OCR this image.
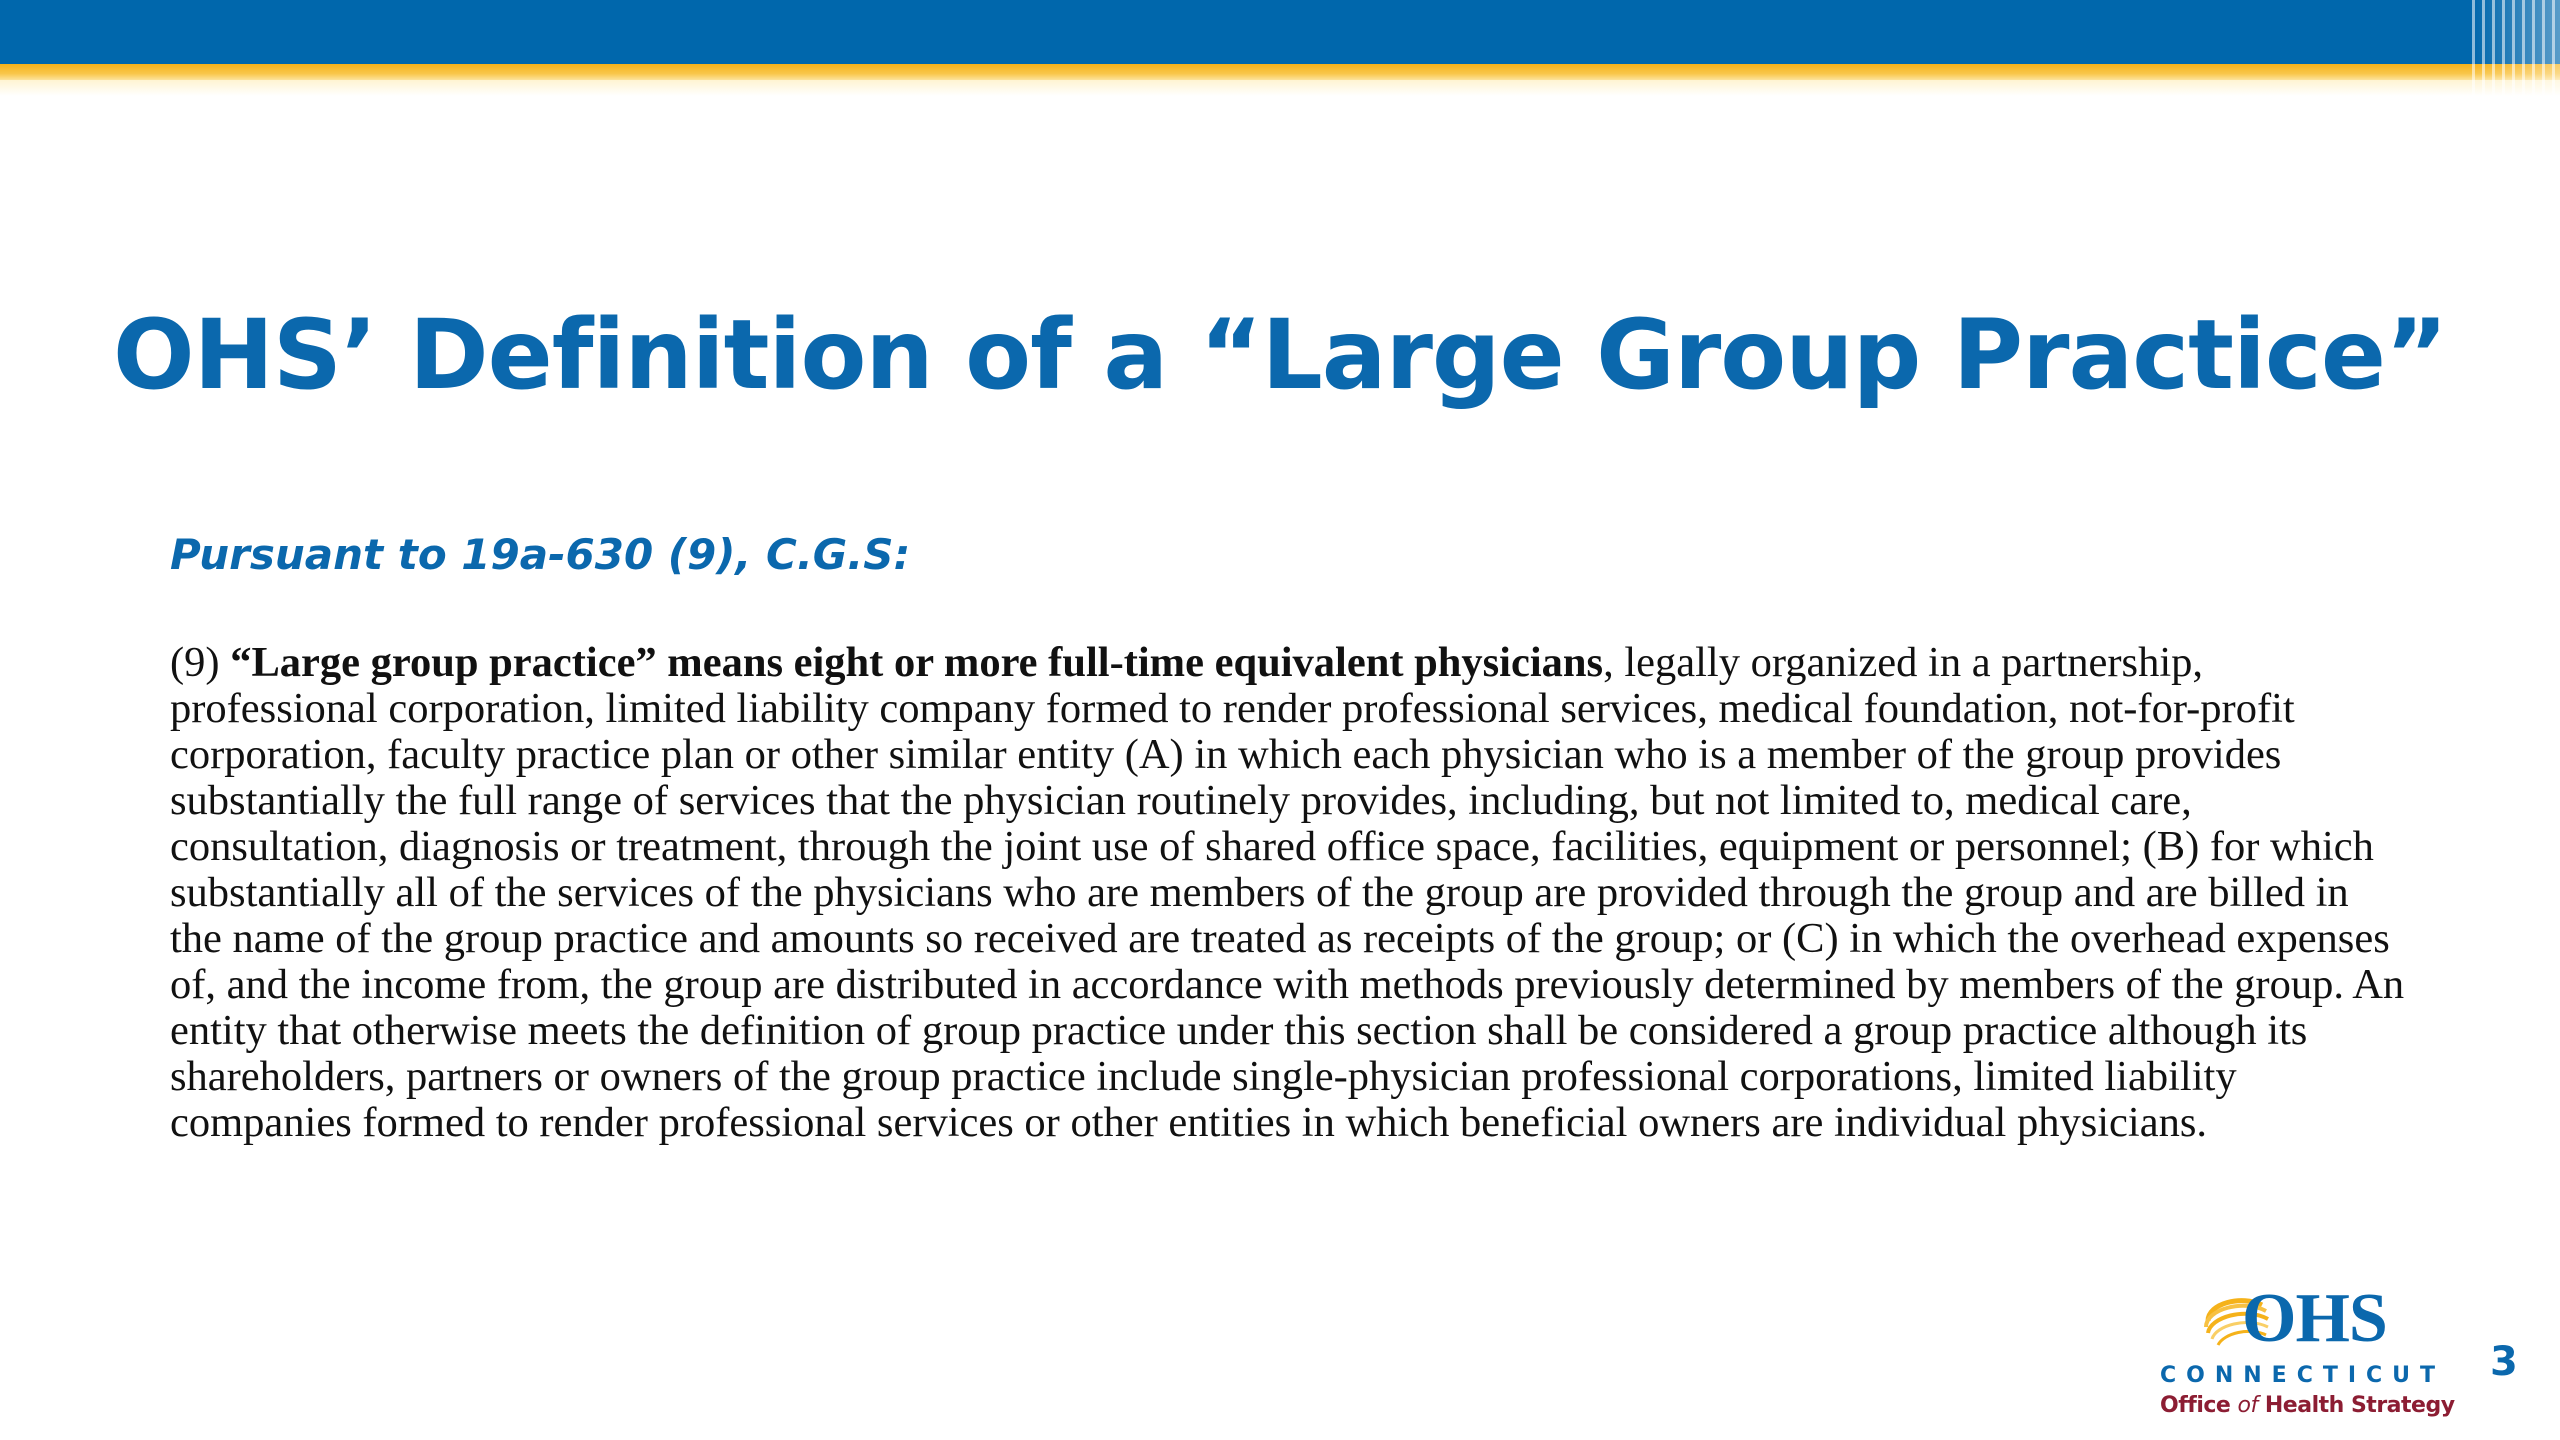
OHS’ Definition of a “Large Group Practice”
Pursuant to 19a-630 (9), C.G.S:
(9) “Large group practice” means eight or more full-time equivalent physicians, legally organized in a partnership, professional corporation, limited liability company formed to render professional services, medical foundation, not-for-profit corporation, faculty practice plan or other similar entity (A) in which each physician who is a member of the group provides substantially the full range of services that the physician routinely provides, including, but not limited to, medical care, consultation, diagnosis or treatment, through the joint use of shared office space, facilities, equipment or personnel; (B) for which substantially all of the services of the physicians who are members of the group are provided through the group and are billed in the name of the group practice and amounts so received are treated as receipts of the group; or (C) in which the overhead expenses of, and the income from, the group are distributed in accordance with methods previously determined by members of the group. An entity that otherwise meets the definition of group practice under this section shall be considered a group practice although its shareholders, partners or owners of the group practice include single-physician professional corporations, limited liability companies formed to render professional services or other entities in which beneficial owners are individual physicians.
OHS
CONNECTICUT
Office of Health Strategy
3
